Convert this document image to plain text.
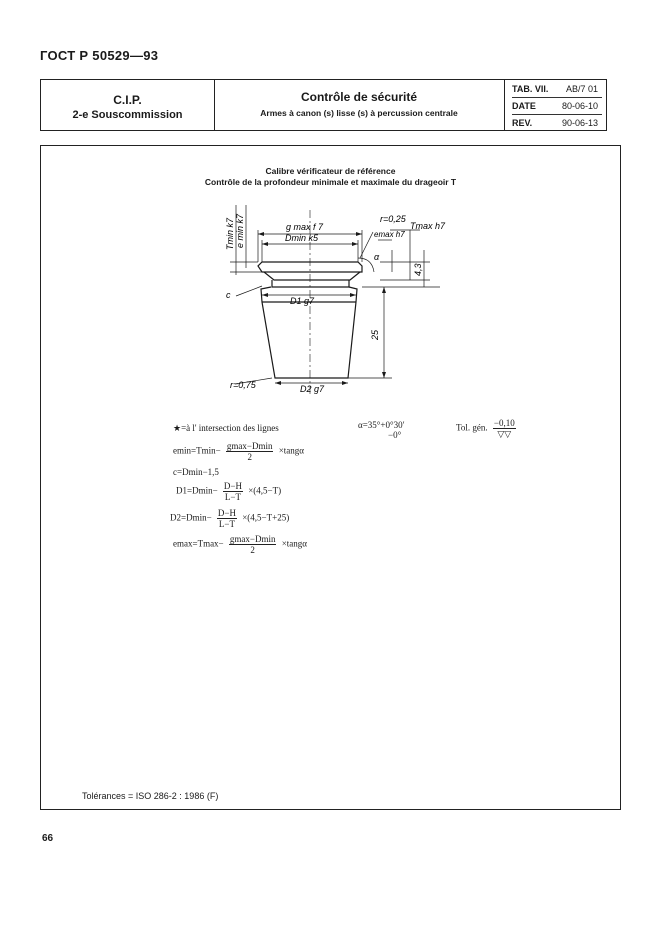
ГОСТ Р 50529—93
C.I.P.
2-e Souscommission
Contrôle de sécurité
Armes à canon (s) lisse (s) à percussion centrale
TAB. VII. AB/7 01
DATE	80-06-10
REV.	90-06-13
Calibre vérificateur de référence
Contrôle de la profondeur minimale et maximale du drageoir T
Tmin k7 e min k7	g max f 7
Dmin k5
r=0,25
Tmax h7
emax h7
α
c
D1 g7
25
4,3
r=0,75	D2 g7
★=à l' intersection des lignes	α=35°+0°30′
−0°
Tol. gén. $\frac{-0,10}{▽▽}$
$emin=Tmin- \frac{gmax-Dmin}{2} \times\tan g\alpha$
c=Dmin−1,5
$D1=Dmin- \frac{D-H}{L-T} \times(4,5-T)$
$D2=Dmin- \frac{D-H}{L-T} \times(4,5-T+25)$
$emax=Tmax- \frac{gmax-Dmin}{2} \times\tan g\alpha$
Tolérances = ISO 286-2 : 1986 (F)
66
